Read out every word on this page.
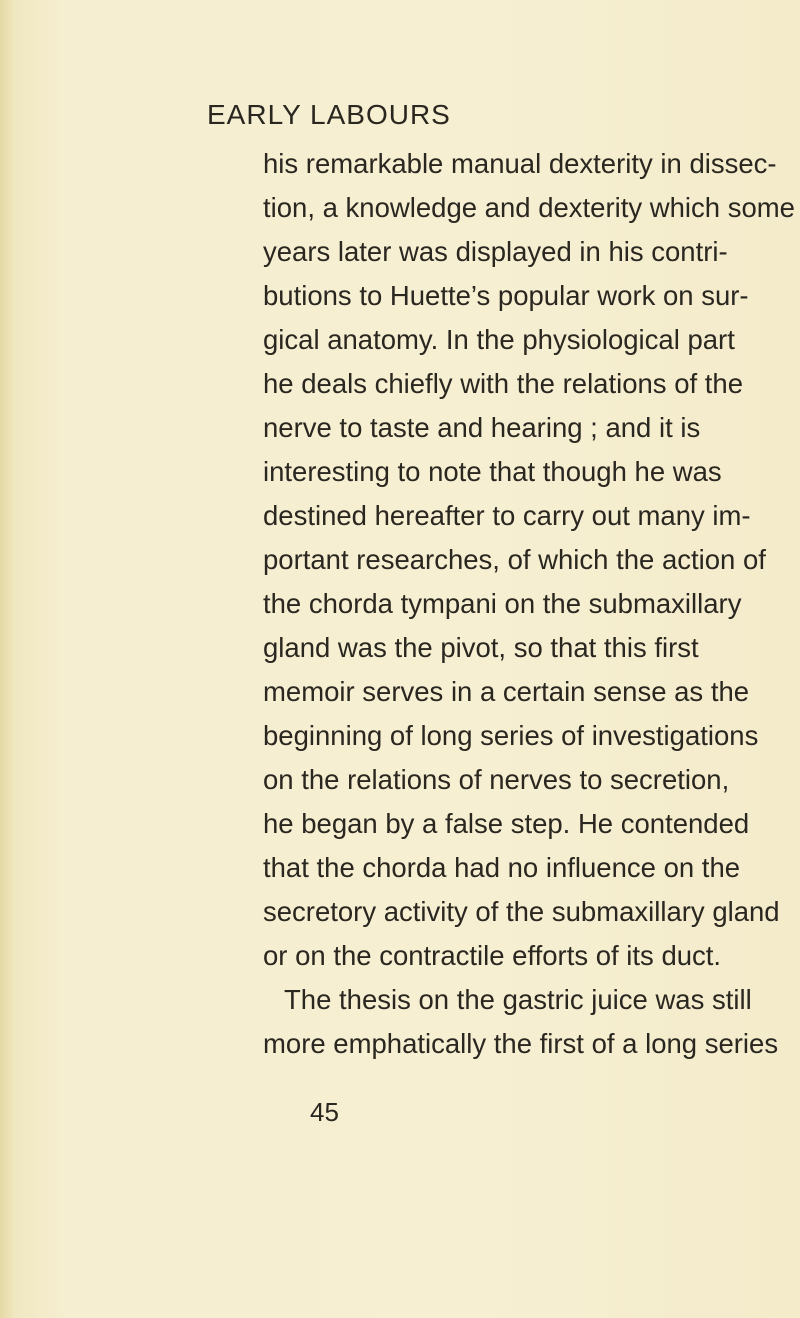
EARLY LABOURS
his remarkable manual dexterity in dissec-
tion, a knowledge and dexterity which some
years later was displayed in his contri-
butions to Huette’s popular work on sur-
gical anatomy. In the physiological part
he deals chiefly with the relations of the
nerve to taste and hearing ; and it is
interesting to note that though he was
destined hereafter to carry out many im-
portant researches, of which the action of
the chorda tympani on the submaxillary
gland was the pivot, so that this first
memoir serves in a certain sense as the
beginning of long series of investigations
on the relations of nerves to secretion,
he began by a false step. He contended
that the chorda had no influence on the
secretory activity of the submaxillary gland
or on the contractile efforts of its duct.
The thesis on the gastric juice was still
more emphatically the first of a long series
45
